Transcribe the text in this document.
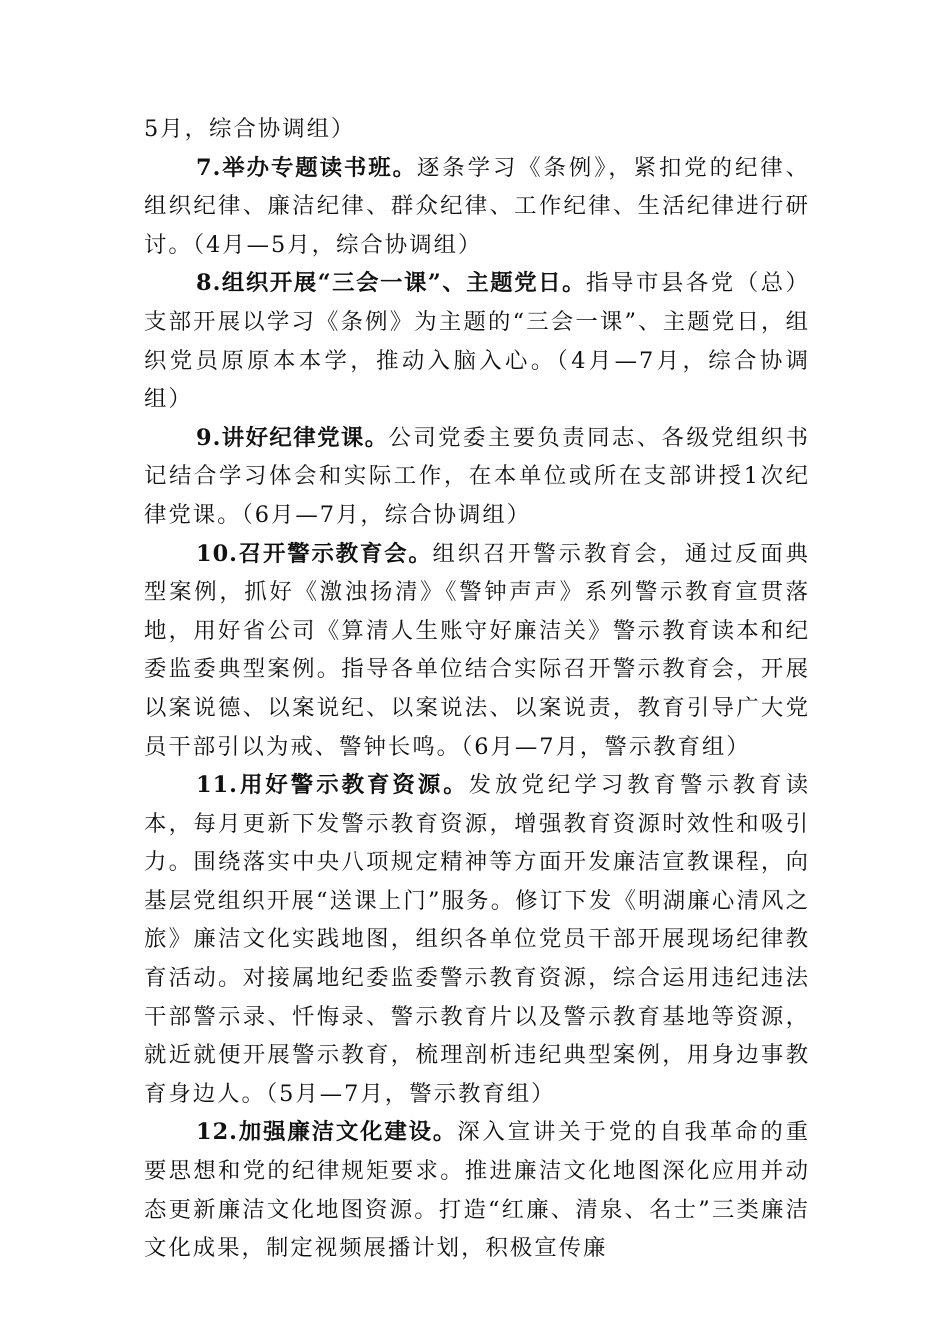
5月，综合协调组）

7.举办专题读书班。逐条学习《条例》，紧扣党的纪律、组织纪律、廉洁纪律、群众纪律、工作纪律、生活纪律进行研讨。（4月—5月，综合协调组）

8.组织开展“三会一课”、主题党日。指导市县各党（总）支部开展以学习《条例》为主题的“三会一课”、主题党日，组织党员原原本本学，推动入脑入心。（4月—7月，综合协调组）

9.讲好纪律党课。公司党委主要负责同志、各级党组织书记结合学习体会和实际工作，在本单位或所在支部讲授1次纪律党课。（6月—7月，综合协调组）

10.召开警示教育会。组织召开警示教育会，通过反面典型案例，抓好《激浊扬清》《警钟声声》系列警示教育宣贯落地，用好省公司《算清人生账守好廉洁关》警示教育读本和纪委监委典型案例。指导各单位结合实际召开警示教育会，开展以案说德、以案说纪、以案说法、以案说责，教育引导广大党员干部引以为戒、警钟长鸣。（6月—7月，警示教育组）

11.用好警示教育资源。发放党纪学习教育警示教育读本，每月更新下发警示教育资源，增强教育资源时效性和吸引力。围绕落实中央八项规定精神等方面开发廉洁宣教课程，向基层党组织开展“送课上门”服务。修订下发《明湖廉心清风之旅》廉洁文化实践地图，组织各单位党员干部开展现场纪律教育活动。对接属地纪委监委警示教育资源，综合运用违纪违法干部警示录、忏悔录、警示教育片以及警示教育基地等资源，就近就便开展警示教育，梳理剖析违纪典型案例，用身边事教育身边人。（5月—7月，警示教育组）

12.加强廉洁文化建设。深入宣讲关于党的自我革命的重要思想和党的纪律规矩要求。推进廉洁文化地图深化应用并动态更新廉洁文化地图资源。打造“红廉、清泉、名士”三类廉洁文化成果，制定视频展播计划，积极宣传廉
